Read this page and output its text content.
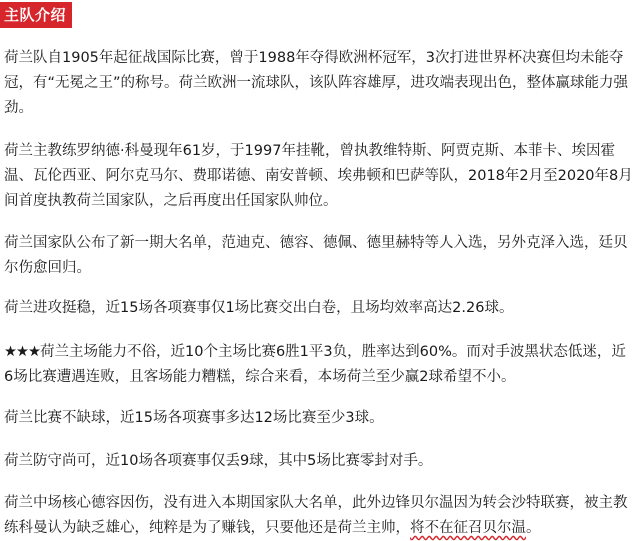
主队介绍

荷兰队自1905年起征战国际比赛，曾于1988年夺得欧洲杯冠军，3次打进世界杯决赛但均未能夺冠，有“无冕之王”的称号。荷兰欧洲一流球队，该队阵容雄厚，进攻端表现出色，整体赢球能力强劲。

荷兰主教练罗纳德·科曼现年61岁，于1997年挂靴，曾执教维特斯、阿贾克斯、本菲卡、埃因霍温、瓦伦西亚、阿尔克马尔、费耶诺德、南安普顿、埃弗顿和巴萨等队，2018年2月至2020年8月间首度执教荷兰国家队，之后再度出任国家队帅位。

荷兰国家队公布了新一期大名单，范迪克、德容、德佩、德里赫特等人入选，另外克泽入选，廷贝尔伤愈回归。

荷兰进攻挺稳，近15场各项赛事仅1场比赛交出白卷，且场均效率高达2.26球。

★★★荷兰主场能力不俗，近10个主场比赛6胜1平3负，胜率达到60%。而对手波黑状态低迷，近6场比赛遭遇连败，且客场能力糟糕，综合来看，本场荷兰至少赢2球希望不小。

荷兰比赛不缺球，近15场各项赛事多达12场比赛至少3球。

荷兰防守尚可，近10场各项赛事仅丢9球，其中5场比赛零封对手。

荷兰中场核心德容因伤，没有进入本期国家队大名单，此外边锋贝尔温因为转会沙特联赛，被主教练科曼认为缺乏雄心，纯粹是为了赚钱，只要他还是荷兰主帅，将不在征召贝尔温。
